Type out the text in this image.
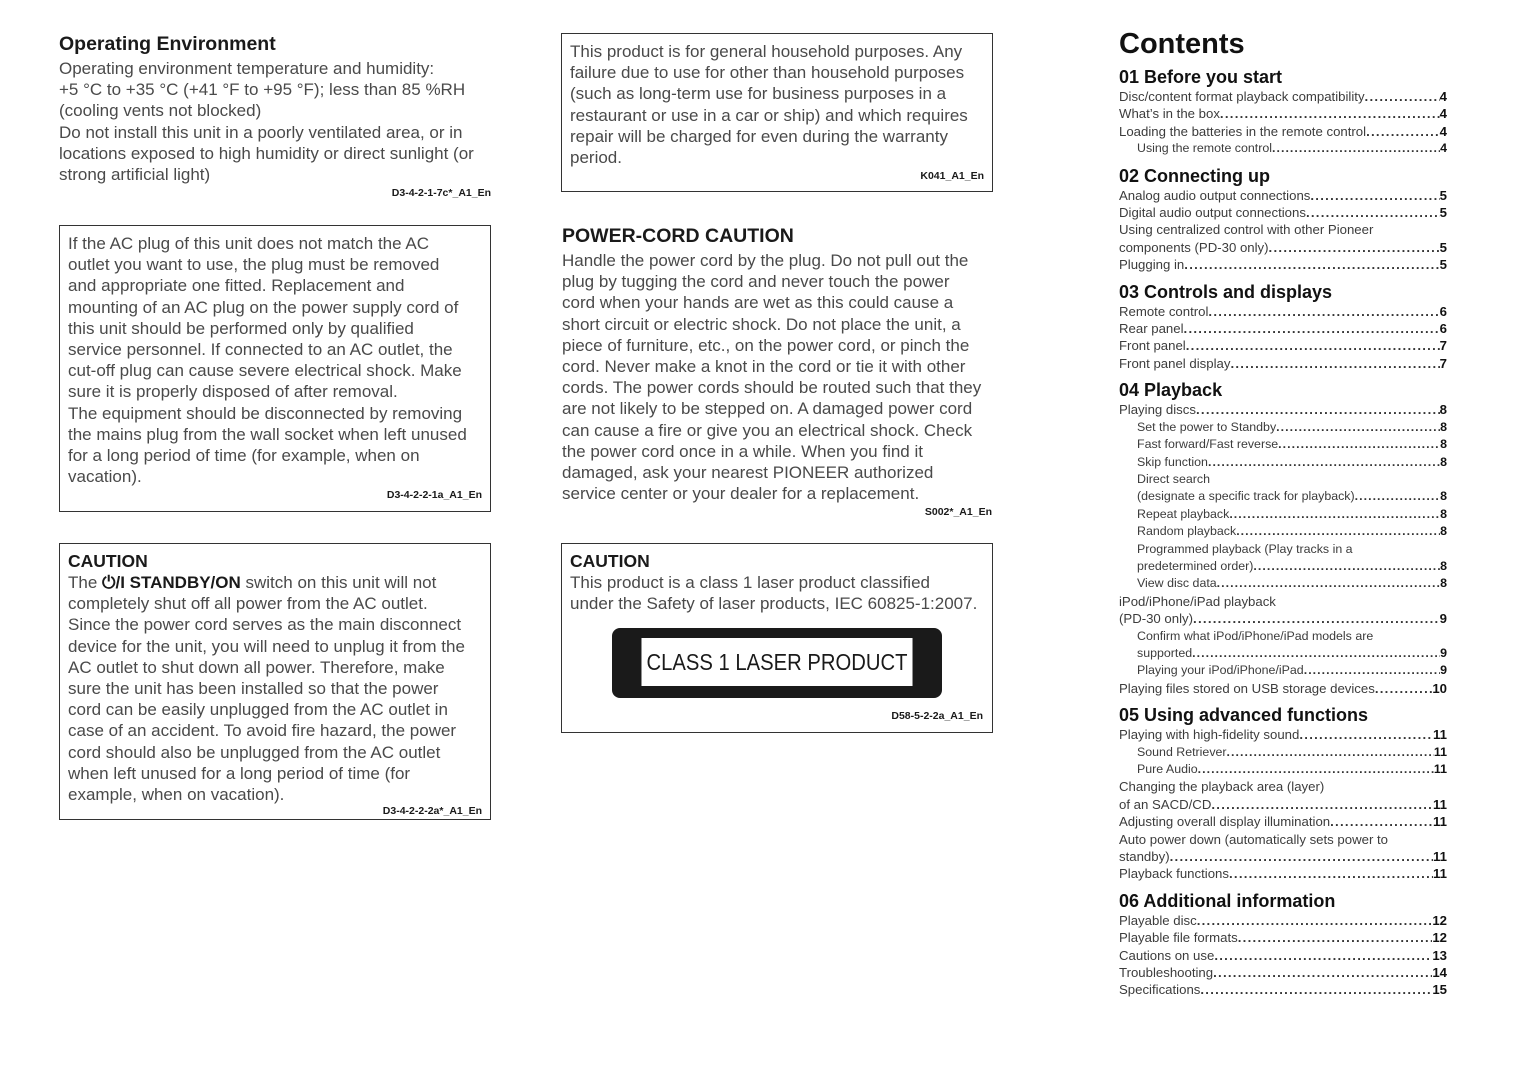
Operating Environment
Operating environment temperature and humidity:
+5 °C to +35 °C (+41 °F to +95 °F); less than 85 %RH
(cooling vents not blocked)
Do not install this unit in a poorly ventilated area, or in
locations exposed to high humidity or direct sunlight (or
strong artificial light)
D3-4-2-1-7c*_A1_En
If the AC plug of this unit does not match the AC
outlet you want to use, the plug must be removed
and appropriate one fitted. Replacement and
mounting of an AC plug on the power supply cord of
this unit should be performed only by qualified
service personnel. If connected to an AC outlet, the
cut-off plug can cause severe electrical shock. Make
sure it is properly disposed of after removal.
The equipment should be disconnected by removing
the mains plug from the wall socket when left unused
for a long period of time (for example, when on
vacation).
D3-4-2-2-1a_A1_En
CAUTION
The ⏻/I STANDBY/ON switch on this unit will not
completely shut off all power from the AC outlet.
Since the power cord serves as the main disconnect
device for the unit, you will need to unplug it from the
AC outlet to shut down all power. Therefore, make
sure the unit has been installed so that the power
cord can be easily unplugged from the AC outlet in
case of an accident. To avoid fire hazard, the power
cord should also be unplugged from the AC outlet
when left unused for a long period of time (for
example, when on vacation).
D3-4-2-2-2a*_A1_En
This product is for general household purposes. Any
failure due to use for other than household purposes
(such as long-term use for business purposes in a
restaurant or use in a car or ship) and which requires
repair will be charged for even during the warranty
period.
K041_A1_En
POWER-CORD CAUTION
Handle the power cord by the plug. Do not pull out the
plug by tugging the cord and never touch the power
cord when your hands are wet as this could cause a
short circuit or electric shock. Do not place the unit, a
piece of furniture, etc., on the power cord, or pinch the
cord. Never make a knot in the cord or tie it with other
cords. The power cords should be routed such that they
are not likely to be stepped on. A damaged power cord
can cause a fire or give you an electrical shock. Check
the power cord once in a while. When you find it
damaged, ask your nearest PIONEER authorized
service center or your dealer for a replacement.
S002*_A1_En
CAUTION
This product is a class 1 laser product classified
under the Safety of laser products, IEC 60825-1:2007.
CLASS 1 LASER PRODUCT
D58-5-2-2a_A1_En
Contents
01 Before you start
Disc/content format playback compatibility . . .	4
What’s in the box . . .	4
Loading the batteries in the remote control . . .	4
Using the remote control . . .	4
02 Connecting up
Analog audio output connections . . .	5
Digital audio output connections . . .	5
Using centralized control with other Pioneer
components (PD-30 only) . . .	5
Plugging in . . .	5
03 Controls and displays
Remote control . . .	6
Rear panel . . .	6
Front panel . . .	7
Front panel display . . .	7
04 Playback
Playing discs . . .	8
Set the power to Standby . . .	8
Fast forward/Fast reverse . . .	8
Skip function . . .	8
Direct search
(designate a specific track for playback) . . .	8
Repeat playback . . .	8
Random playback . . .	8
Programmed playback (Play tracks in a
predetermined order) . . .	8
View disc data . . .	8
iPod/iPhone/iPad playback
(PD-30 only) . . .	9
Confirm what iPod/iPhone/iPad models are
supported . . .	9
Playing your iPod/iPhone/iPad . . .	9
Playing files stored on USB storage devices . . .	10
05 Using advanced functions
Playing with high-fidelity sound . . .	11
Sound Retriever . . .	11
Pure Audio . . .	11
Changing the playback area (layer)
of an SACD/CD . . .	11
Adjusting overall display illumination . . .	11
Auto power down (automatically sets power to
standby) . . .	11
Playback functions . . .	11
06 Additional information
Playable disc . . .	12
Playable file formats . . .	12
Cautions on use . . .	13
Troubleshooting . . .	14
Specifications . . .	15
